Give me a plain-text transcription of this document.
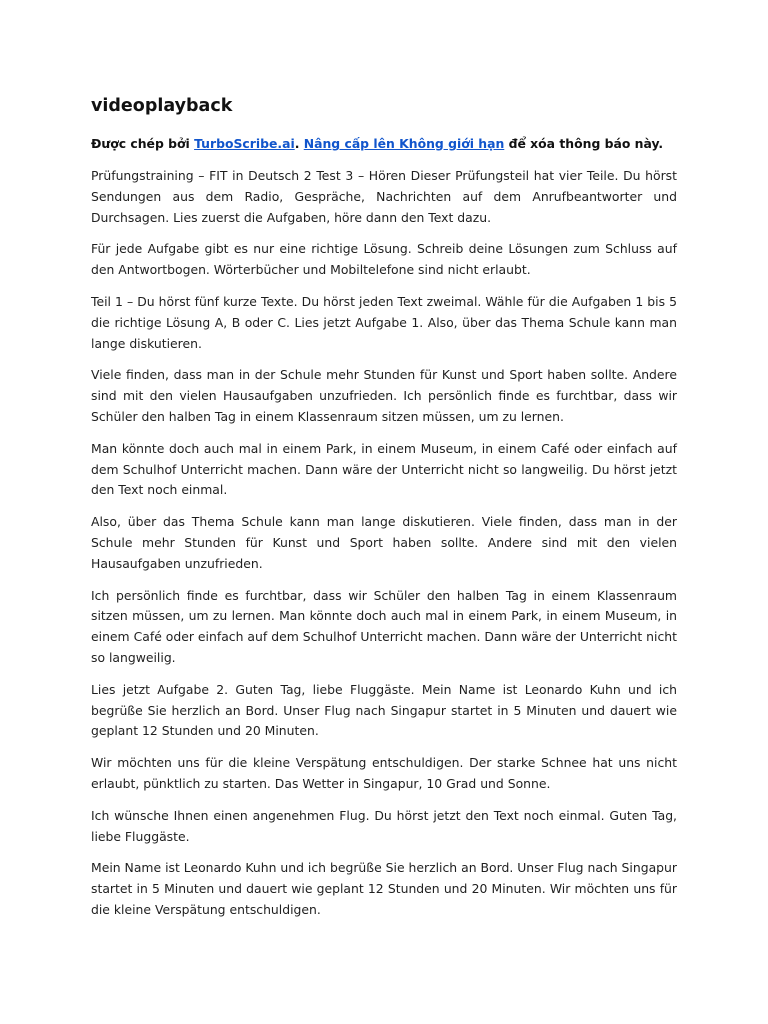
videoplayback
Được chép bởi TurboScribe.ai. Nâng cấp lên Không giới hạn để xóa thông báo này.

Prüfungstraining – FIT in Deutsch 2 Test 3 – Hören Dieser Prüfungsteil hat vier Teile. Du hörst Sendungen aus dem Radio, Gespräche, Nachrichten auf dem Anrufbeantworter und Durchsagen. Lies zuerst die Aufgaben, höre dann den Text dazu.

Für jede Aufgabe gibt es nur eine richtige Lösung. Schreib deine Lösungen zum Schluss auf den Antwortbogen. Wörterbücher und Mobiltelefone sind nicht erlaubt.

Teil 1 – Du hörst fünf kurze Texte. Du hörst jeden Text zweimal. Wähle für die Aufgaben 1 bis 5 die richtige Lösung A, B oder C. Lies jetzt Aufgabe 1. Also, über das Thema Schule kann man lange diskutieren.

Viele finden, dass man in der Schule mehr Stunden für Kunst und Sport haben sollte. Andere sind mit den vielen Hausaufgaben unzufrieden. Ich persönlich finde es furchtbar, dass wir Schüler den halben Tag in einem Klassenraum sitzen müssen, um zu lernen.

Man könnte doch auch mal in einem Park, in einem Museum, in einem Café oder einfach auf dem Schulhof Unterricht machen. Dann wäre der Unterricht nicht so langweilig. Du hörst jetzt den Text noch einmal.

Also, über das Thema Schule kann man lange diskutieren. Viele finden, dass man in der Schule mehr Stunden für Kunst und Sport haben sollte. Andere sind mit den vielen Hausaufgaben unzufrieden.

Ich persönlich finde es furchtbar, dass wir Schüler den halben Tag in einem Klassenraum sitzen müssen, um zu lernen. Man könnte doch auch mal in einem Park, in einem Museum, in einem Café oder einfach auf dem Schulhof Unterricht machen. Dann wäre der Unterricht nicht so langweilig.

Lies jetzt Aufgabe 2. Guten Tag, liebe Fluggäste. Mein Name ist Leonardo Kuhn und ich begrüße Sie herzlich an Bord. Unser Flug nach Singapur startet in 5 Minuten und dauert wie geplant 12 Stunden und 20 Minuten.

Wir möchten uns für die kleine Verspätung entschuldigen. Der starke Schnee hat uns nicht erlaubt, pünktlich zu starten. Das Wetter in Singapur, 10 Grad und Sonne.

Ich wünsche Ihnen einen angenehmen Flug. Du hörst jetzt den Text noch einmal. Guten Tag, liebe Fluggäste.

Mein Name ist Leonardo Kuhn und ich begrüße Sie herzlich an Bord. Unser Flug nach Singapur startet in 5 Minuten und dauert wie geplant 12 Stunden und 20 Minuten. Wir möchten uns für die kleine Verspätung entschuldigen.
